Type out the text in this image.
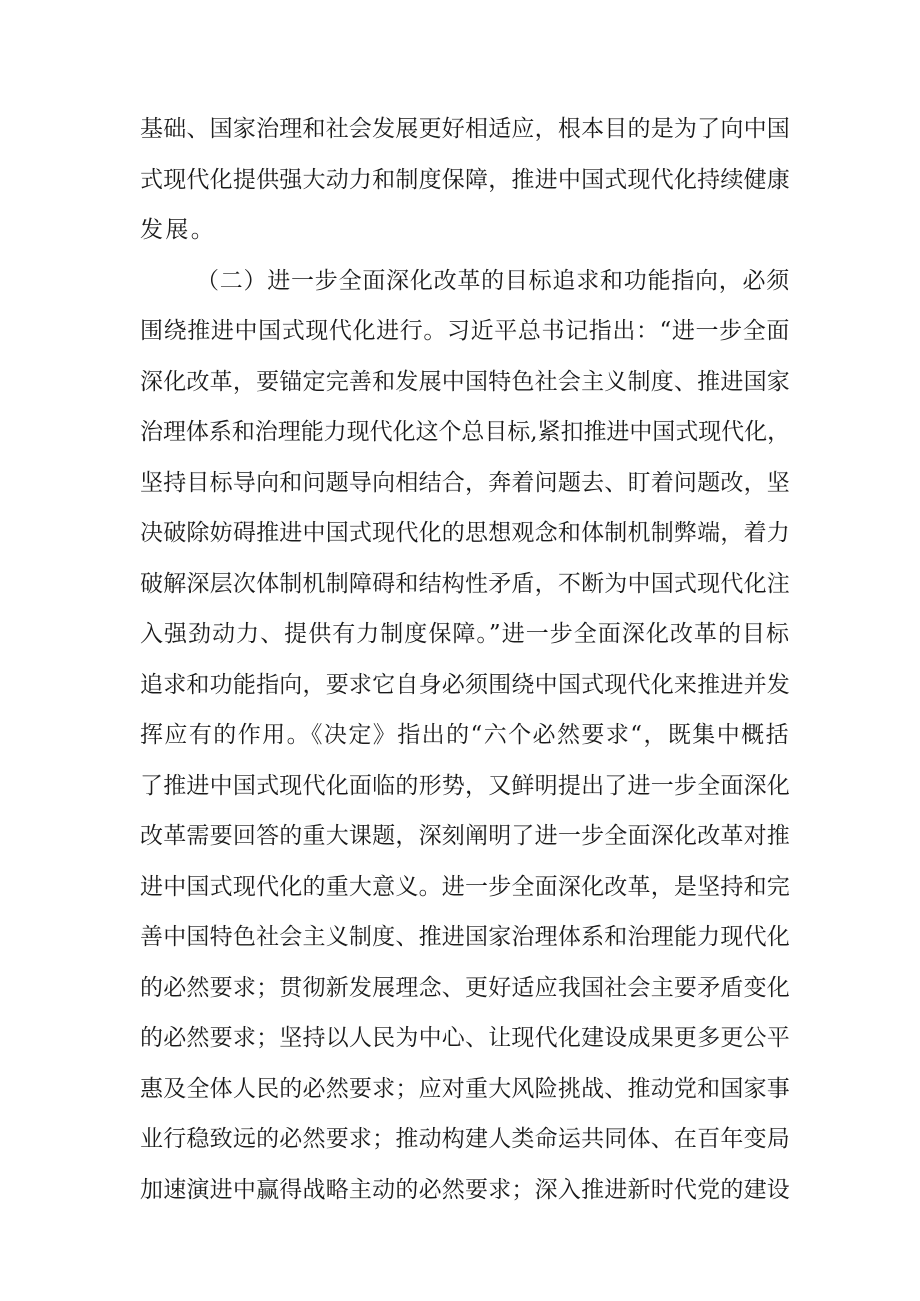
基础、国家治理和社会发展更好相适应，根本目的是为了向中国
式现代化提供强大动力和制度保障，推进中国式现代化持续健康
发展。
（二）进一步全面深化改革的目标追求和功能指向，必须
围绕推进中国式现代化进行。习近平总书记指出：“进一步全面
深化改革，要锚定完善和发展中国特色社会主义制度、推进国家
治理体系和治理能力现代化这个总目标,紧扣推进中国式现代化，
坚持目标导向和问题导向相结合，奔着问题去、盯着问题改，坚
决破除妨碍推进中国式现代化的思想观念和体制机制弊端，着力
破解深层次体制机制障碍和结构性矛盾，不断为中国式现代化注
入强劲动力、提供有力制度保障。”进一步全面深化改革的目标
追求和功能指向，要求它自身必须围绕中国式现代化来推进并发
挥应有的作用。《决定》指出的“六个必然要求“，既集中概括
了推进中国式现代化面临的形势，又鲜明提出了进一步全面深化
改革需要回答的重大课题，深刻阐明了进一步全面深化改革对推
进中国式现代化的重大意义。进一步全面深化改革，是坚持和完
善中国特色社会主义制度、推进国家治理体系和治理能力现代化
的必然要求；贯彻新发展理念、更好适应我国社会主要矛盾变化
的必然要求；坚持以人民为中心、让现代化建设成果更多更公平
惠及全体人民的必然要求；应对重大风险挑战、推动党和国家事
业行稳致远的必然要求；推动构建人类命运共同体、在百年变局
加速演进中赢得战略主动的必然要求；深入推进新时代党的建设
